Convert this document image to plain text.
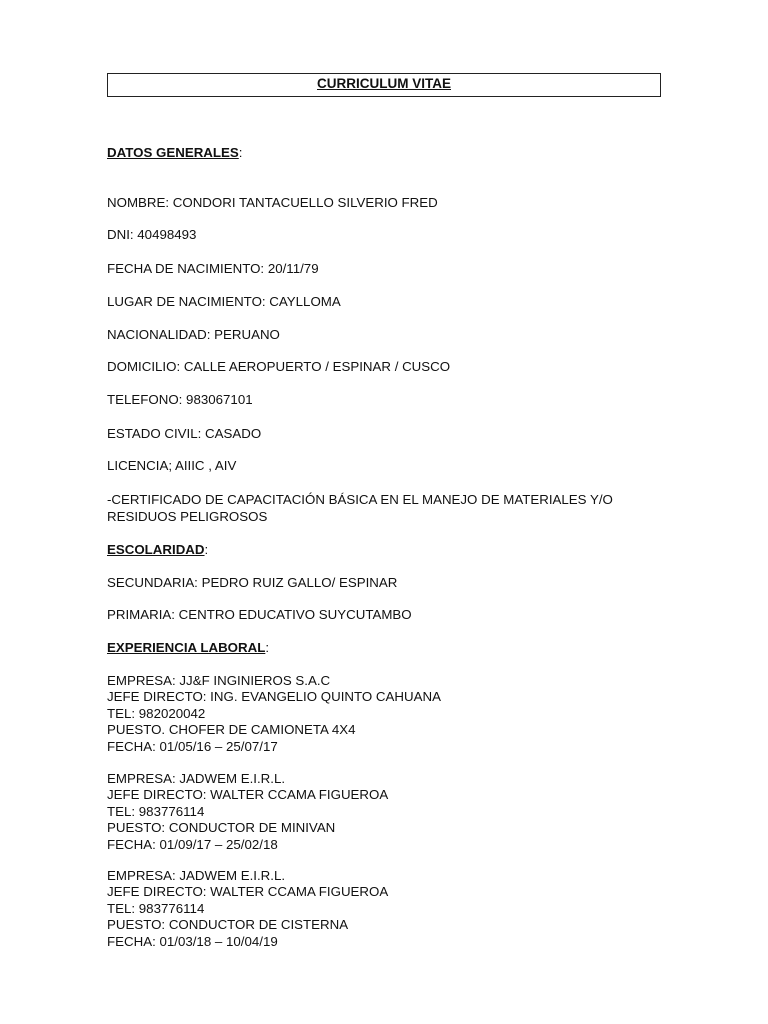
CURRICULUM VITAE
DATOS GENERALES:
NOMBRE: CONDORI TANTACUELLO SILVERIO FRED
DNI: 40498493
FECHA DE NACIMIENTO: 20/11/79
LUGAR DE NACIMIENTO: CAYLLOMA
NACIONALIDAD: PERUANO
DOMICILIO: CALLE AEROPUERTO / ESPINAR / CUSCO
TELEFONO: 983067101
ESTADO CIVIL: CASADO
LICENCIA; AIIIC , AIV
-CERTIFICADO DE CAPACITACIÓN BÁSICA EN EL MANEJO DE MATERIALES Y/O RESIDUOS PELIGROSOS
ESCOLARIDAD:
SECUNDARIA: PEDRO RUIZ GALLO/ ESPINAR
PRIMARIA: CENTRO EDUCATIVO SUYCUTAMBO
EXPERIENCIA LABORAL:
EMPRESA: JJ&F INGINIEROS S.A.C
JEFE DIRECTO: ING. EVANGELIO QUINTO CAHUANA
TEL: 982020042
PUESTO. CHOFER DE CAMIONETA 4X4
FECHA: 01/05/16 – 25/07/17
EMPRESA: JADWEM E.I.R.L.
JEFE DIRECTO: WALTER CCAMA FIGUEROA
TEL: 983776114
PUESTO: CONDUCTOR DE MINIVAN
FECHA: 01/09/17 – 25/02/18
EMPRESA: JADWEM E.I.R.L.
JEFE DIRECTO: WALTER CCAMA FIGUEROA
TEL: 983776114
PUESTO: CONDUCTOR DE CISTERNA
FECHA: 01/03/18 – 10/04/19
